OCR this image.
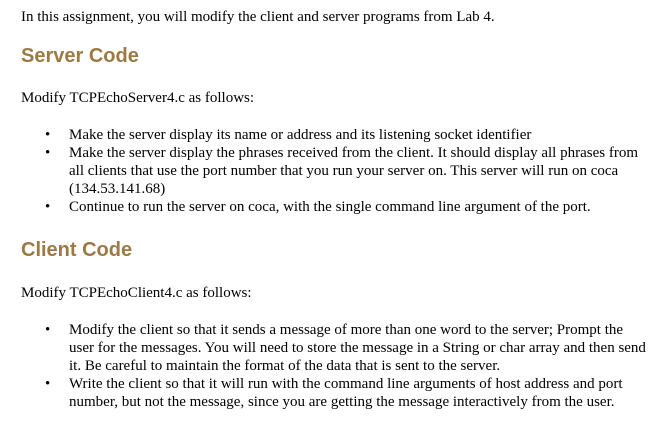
In this assignment, you will modify the client and server programs from Lab 4.

Server Code

Modify TCPEchoServer4.c as follows:

• Make the server display its name or address and its listening socket identifier
• Make the server display the phrases received from the client. It should display all phrases from all clients that use the port number that you run your server on. This server will run on coca (134.53.141.68)
• Continue to run the server on coca, with the single command line argument of the port.
Client Code

Modify TCPEchoClient4.c as follows:

• Modify the client so that it sends a message of more than one word to the server; Prompt the user for the messages. You will need to store the message in a String or char array and then send it. Be careful to maintain the format of the data that is sent to the server.
• Write the client so that it will run with the command line arguments of host address and port number, but not the message, since you are getting the message interactively from the user.
